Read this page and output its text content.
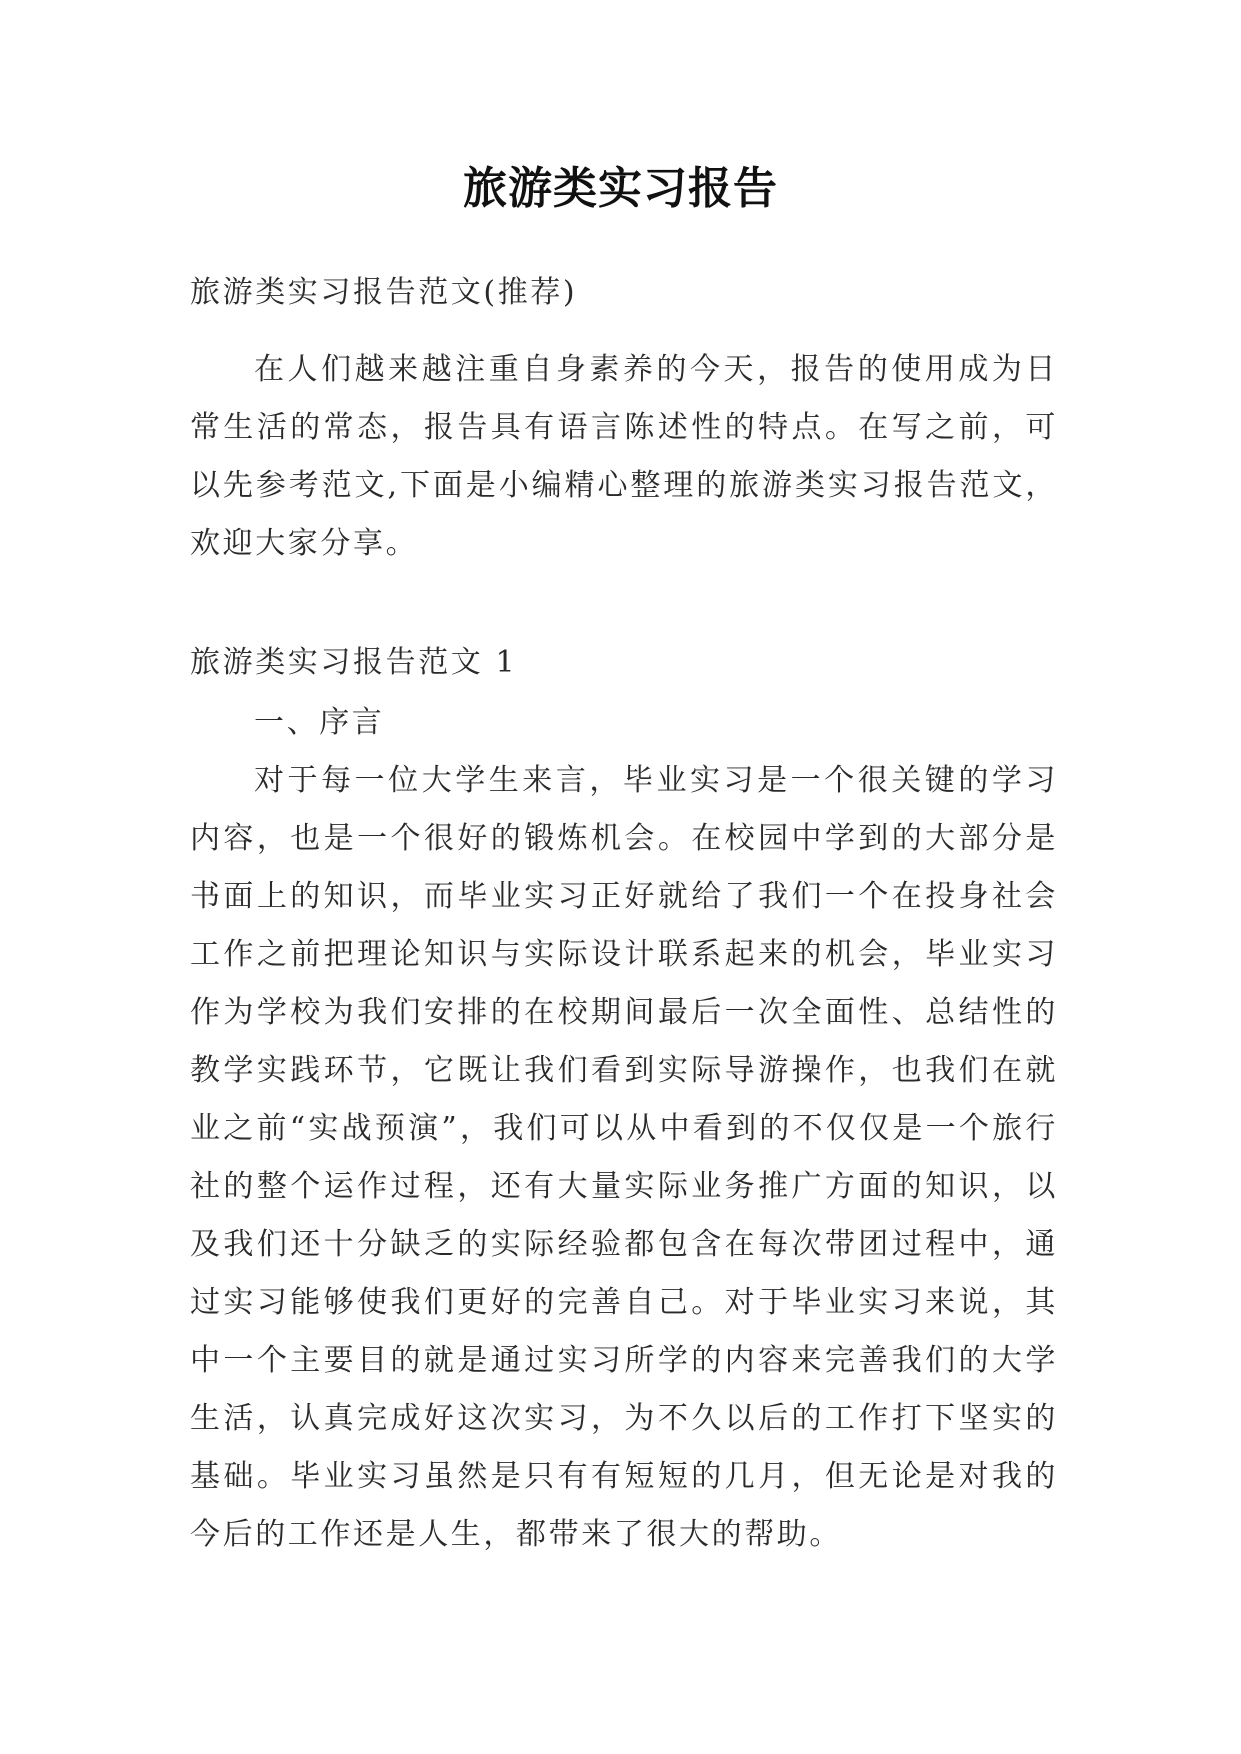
旅游类实习报告

旅游类实习报告范文(推荐)

在人们越来越注重自身素养的今天，报告的使用成为日常生活的常态，报告具有语言陈述性的特点。在写之前，可以先参考范文,下面是小编精心整理的旅游类实习报告范文，欢迎大家分享。

旅游类实习报告范文 1

一、序言

对于每一位大学生来言，毕业实习是一个很关键的学习内容，也是一个很好的锻炼机会。在校园中学到的大部分是书面上的知识，而毕业实习正好就给了我们一个在投身社会工作之前把理论知识与实际设计联系起来的机会，毕业实习作为学校为我们安排的在校期间最后一次全面性、总结性的教学实践环节，它既让我们看到实际导游操作，也我们在就业之前“实战预演”，我们可以从中看到的不仅仅是一个旅行社的整个运作过程，还有大量实际业务推广方面的知识，以及我们还十分缺乏的实际经验都包含在每次带团过程中，通过实习能够使我们更好的完善自己。对于毕业实习来说，其中一个主要目的就是通过实习所学的内容来完善我们的大学生活，认真完成好这次实习，为不久以后的工作打下坚实的基础。毕业实习虽然是只有有短短的几月，但无论是对我的今后的工作还是人生，都带来了很大的帮助。
